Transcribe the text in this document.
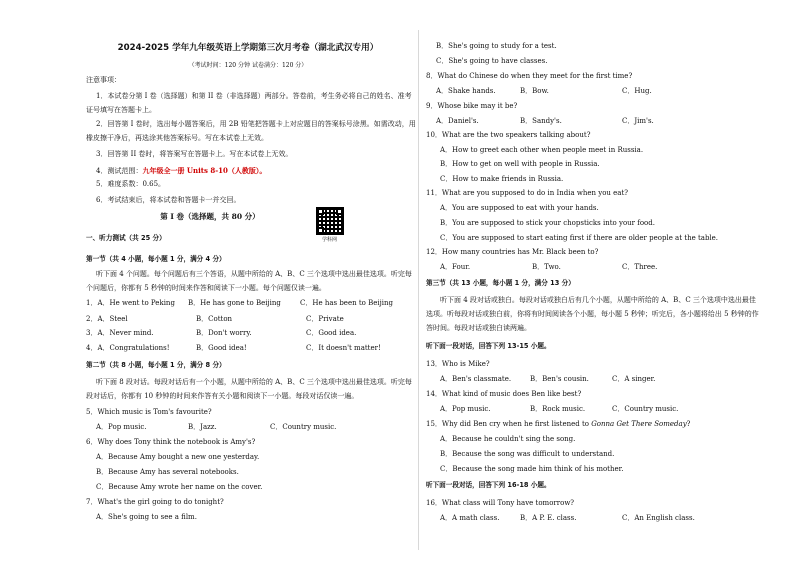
2024-2025 学年九年级英语上学期第三次月考卷（湖北武汉专用）
（考试时间：120 分钟 试卷满分：120 分）
注意事项：
1．本试卷分第 I 卷（选择题）和第 II 卷（非选择题）两部分。答卷前，考生务必将自己的姓名、准考
证号填写在答题卡上。
2．回答第 I 卷时，选出每小题答案后，用 2B 铅笔把答题卡上对应题目的答案标号涂黑。如需改动，用
橡皮擦干净后，再选涂其他答案标号。写在本试卷上无效。
3．回答第 II 卷时，将答案写在答题卡上。写在本试卷上无效。
4．测试范围：九年级全一册 Units 8-10（人教版）。
5．难度系数：0.65。
6．考试结束后，将本试卷和答题卡一并交回。
第 I 卷（选择题，共 80 分）
学科网
一、听力测试（共 25 分）
第一节（共 4 小题，每小题 1 分，满分 4 分）
听下面 4 个问题。每个问题后有三个答语，从题中所给的 A、B、C 三个选项中选出最佳选项。听完每
个问题后，你都有 5 秒钟的时间来作答和阅读下一小题。每个问题仅读一遍。
1．A．He went to Peking B．He has gone to Beijing	C．He has been to Beijing
2．A．Steel	B．Cotton	C．Private
3．A．Never mind.	B．Don't worry.	C．Good idea.
4．A．Congratulations!	B．Good idea!	C．It doesn't matter!
第二节（共 8 小题，每小题 1 分，满分 8 分）
听下面 8 段对话。每段对话后有一个小题，从题中所给的 A、B、C 三个选项中选出最佳选项。听完每
段对话后，你都有 10 秒钟的时间来作答有关小题和阅读下一小题。每段对话仅读一遍。
5．Which music is Tom's favourite?
A．Pop music.	B．Jazz.	C．Country music.
6．Why does Tony think the notebook is Amy's?
A．Because Amy bought a new one yesterday.
B．Because Amy has several notebooks.
C．Because Amy wrote her name on the cover.
7．What's the girl going to do tonight?
A．She's going to see a film.
B．She's going to study for a test.
C．She's going to have classes.
8．What do Chinese do when they meet for the first time?
A．Shake hands.	B．Bow.	C．Hug.
9．Whose bike may it be?
A．Daniel's.	B．Sandy's.	C．Jim's.
10．What are the two speakers talking about?
A．How to greet each other when people meet in Russia.
B．How to get on well with people in Russia.
C．How to make friends in Russia.
11．What are you supposed to do in India when you eat?
A．You are supposed to eat with your hands.
B．You are supposed to stick your chopsticks into your food.
C．You are supposed to start eating first if there are older people at the table.
12．How many countries has Mr. Black been to?
A．Four.	B．Two.	C．Three.
第三节（共 13 小题，每小题 1 分，满分 13 分）
听下面 4 段对话或独白。每段对话或独白后有几个小题，从题中所给的 A、B、C 三个选项中选出最佳
选项。听每段对话或独白前，你将有时间阅读各个小题，每小题 5 秒钟；听完后，各小题将给出 5 秒钟的作
答时间。每段对话或独白读两遍。
听下面一段对话，回答下列 13-15 小题。
13．Who is Mike?
A．Ben's classmate.	B．Ben's cousin.	C．A singer.
14．What kind of music does Ben like best?
A．Pop music.	B．Rock music.	C．Country music.
15．Why did Ben cry when he first listened to Gonna Get There Someday?
A．Because he couldn't sing the song.
B．Because the song was difficult to understand.
C．Because the song made him think of his mother.
听下面一段对话，回答下列 16-18 小题。
16．What class will Tony have tomorrow?
A．A math class.	B．A P. E. class.	C．An English class.
